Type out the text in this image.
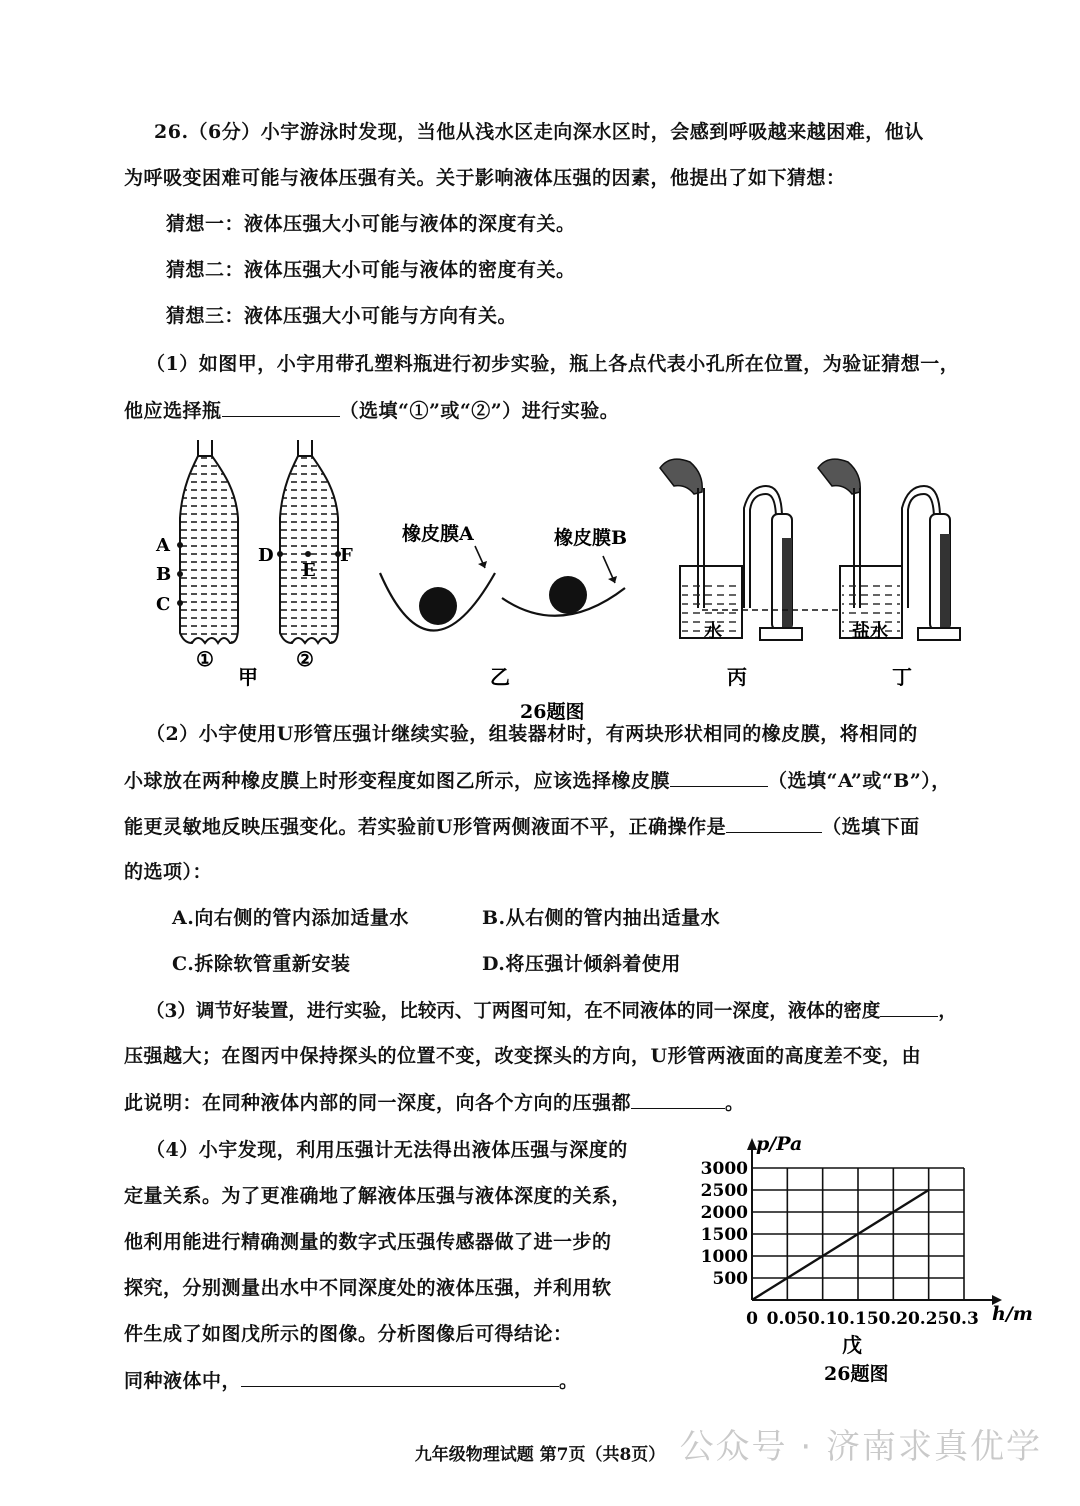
26.（6分）小宇游泳时发现，当他从浅水区走向深水区时，会感到呼吸越来越困难，他认
为呼吸变困难可能与液体压强有关。关于影响液体压强的因素，他提出了如下猜想：
猜想一：液体压强大小可能与液体的深度有关。
猜想二：液体压强大小可能与液体的密度有关。
猜想三：液体压强大小可能与方向有关。
（1）如图甲，小宇用带孔塑料瓶进行初步实验，瓶上各点代表小孔所在位置，为验证猜想一，
他应选择瓶	（选填“①”或“②”）进行实验。
A
B
C
①
D
E
F
②
甲
橡皮膜A	橡皮膜B
乙
水
丙
盐水
丁
26题图
（2）小宇使用U形管压强计继续实验，组装器材时，有两块形状相同的橡皮膜，将相同的
小球放在两种橡皮膜上时形变程度如图乙所示，应该选择橡皮膜	（选填“A”或“B”），
能更灵敏地反映压强变化。若实验前U形管两侧液面不平，正确操作是	（选填下面
的选项）：
A.向右侧的管内添加适量水	B.从右侧的管内抽出适量水
C.拆除软管重新安装	D.将压强计倾斜着使用
（3）调节好装置，进行实验，比较丙、丁两图可知，在不同液体的同一深度，液体的密度	，
压强越大；在图丙中保持探头的位置不变，改变探头的方向，U形管两液面的高度差不变，由
此说明：在同种液体内部的同一深度，向各个方向的压强都	。
（4）小宇发现，利用压强计无法得出液体压强与深度的
定量关系。为了更准确地了解液体压强与液体深度的关系，
他利用能进行精确测量的数字式压强传感器做了进一步的
探究，分别测量出水中不同深度处的液体压强，并利用软
件生成了如图戊所示的图像。分析图像后可得结论：
同种液体中，	。
0 0.05 0.1 0.15 0.2 0.25 0.3
500
1000
1500
2000
2500
3000
p/Pa
h/m
戊
26题图
九年级物理试题 第7页（共8页） 公众号 · 济南求真优学
